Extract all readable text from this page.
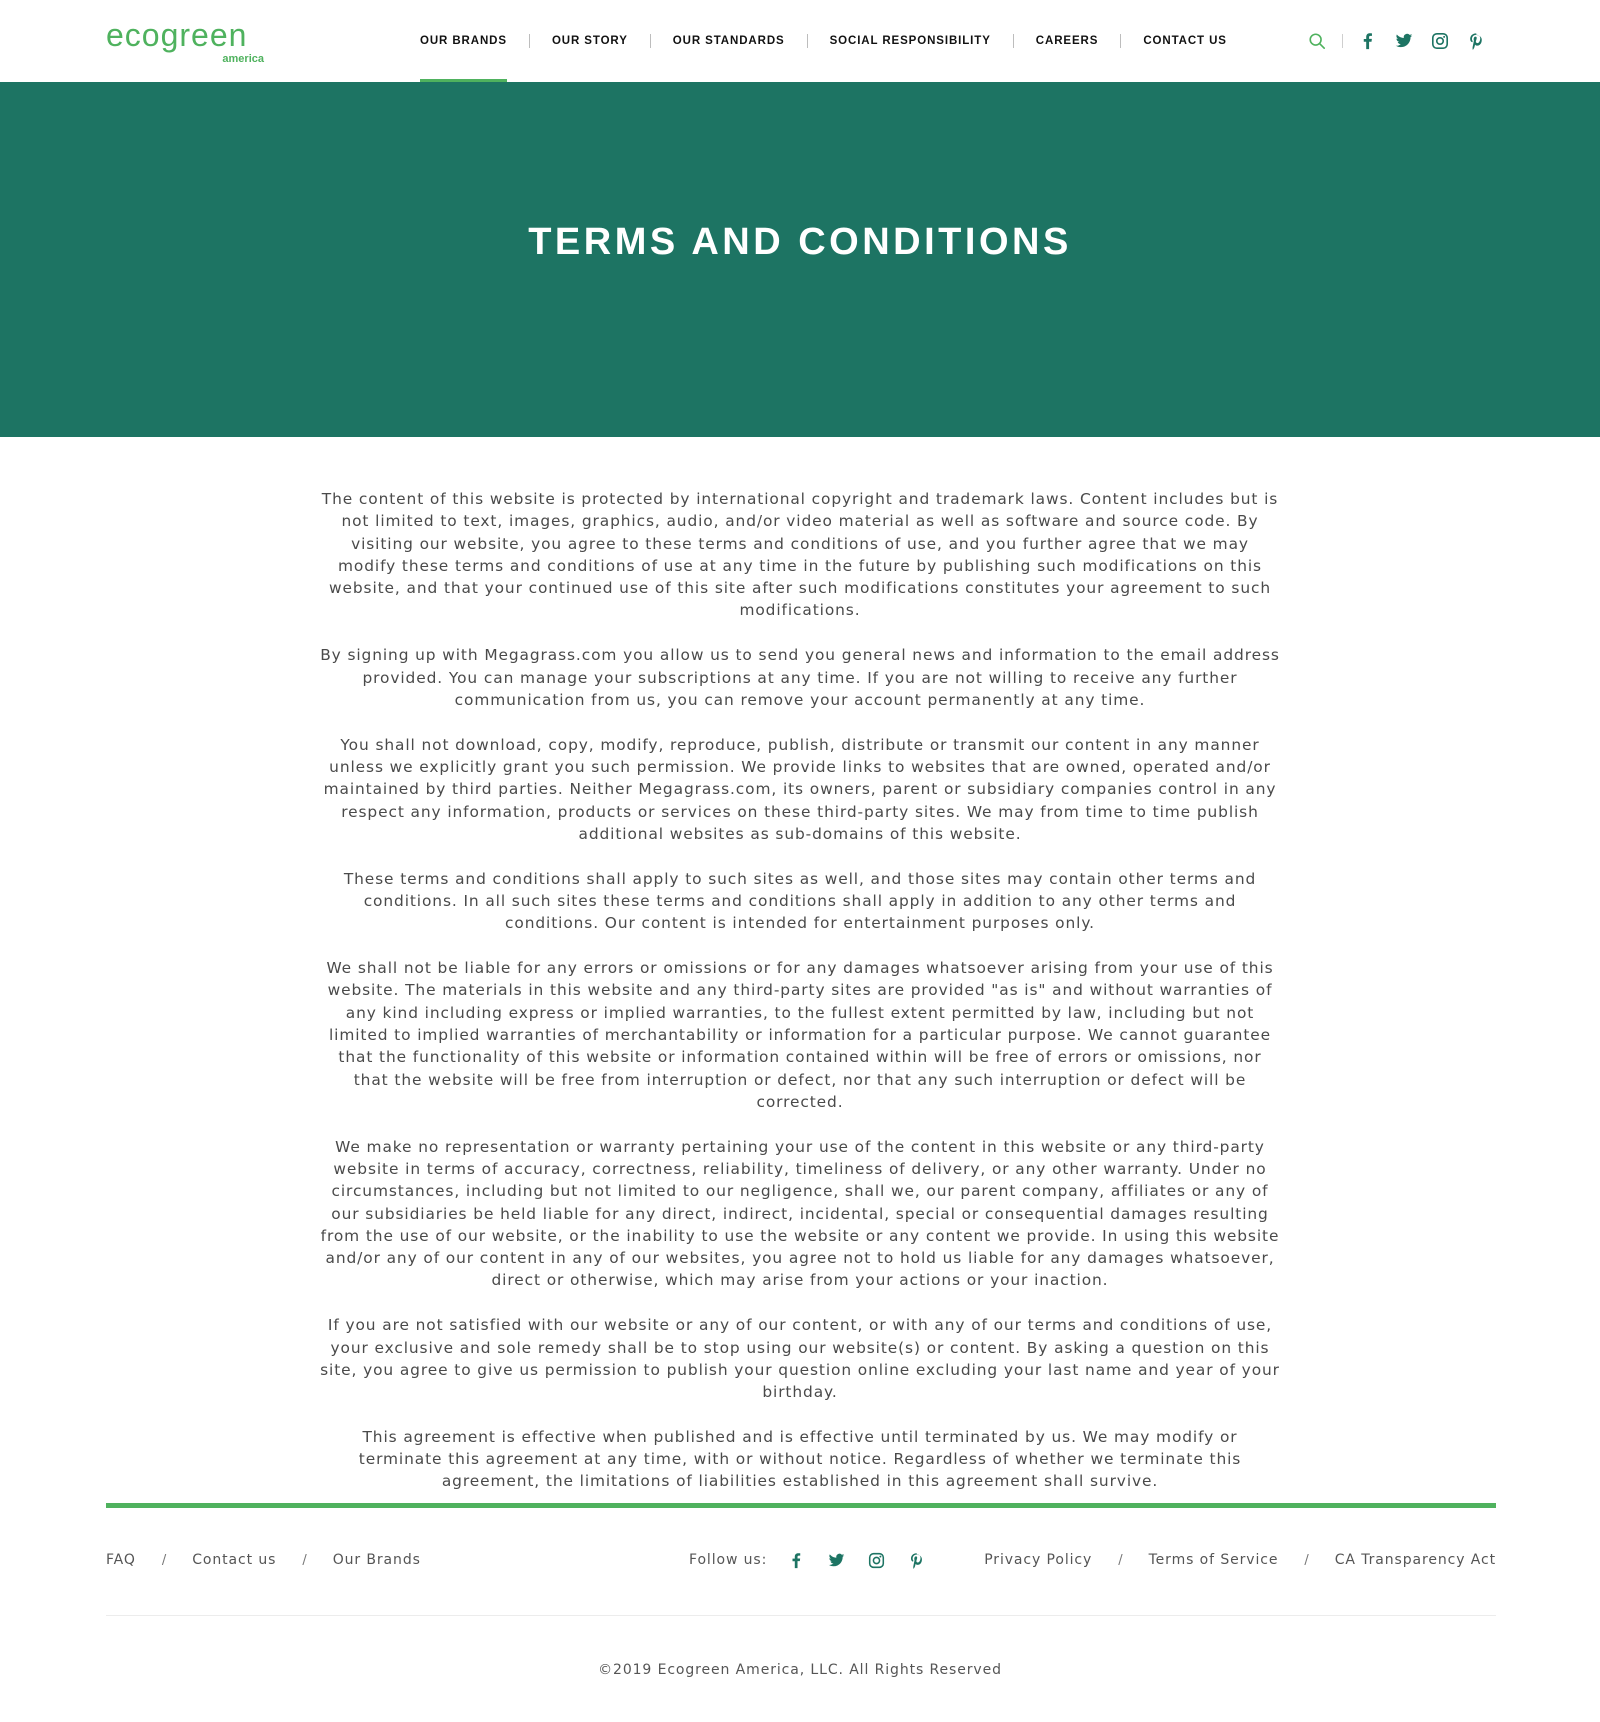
ecogreen
america
OUR BRANDS	OUR STORY	OUR STANDARDS	SOCIAL RESPONSIBILITY	CAREERS	CONTACT US
TERMS AND CONDITIONS

The content of this website is protected by international copyright and trademark laws. Content includes but is not limited to text, images, graphics, audio, and/or video material as well as software and source code. By visiting our website, you agree to these terms and conditions of use, and you further agree that we may modify these terms and conditions of use at any time in the future by publishing such modifications on this website, and that your continued use of this site after such modifications constitutes your agreement to such modifications.

By signing up with Megagrass.com you allow us to send you general news and information to the email address provided. You can manage your subscriptions at any time. If you are not willing to receive any further communication from us, you can remove your account permanently at any time.

You shall not download, copy, modify, reproduce, publish, distribute or transmit our content in any manner unless we explicitly grant you such permission. We provide links to websites that are owned, operated and/or maintained by third parties. Neither Megagrass.com, its owners, parent or subsidiary companies control in any respect any information, products or services on these third-party sites. We may from time to time publish additional websites as sub-domains of this website.

These terms and conditions shall apply to such sites as well, and those sites may contain other terms and conditions. In all such sites these terms and conditions shall apply in addition to any other terms and conditions. Our content is intended for entertainment purposes only.

We shall not be liable for any errors or omissions or for any damages whatsoever arising from your use of this website. The materials in this website and any third-party sites are provided "as is" and without warranties of any kind including express or implied warranties, to the fullest extent permitted by law, including but not limited to implied warranties of merchantability or information for a particular purpose. We cannot guarantee that the functionality of this website or information contained within will be free of errors or omissions, nor that the website will be free from interruption or defect, nor that any such interruption or defect will be corrected.

We make no representation or warranty pertaining your use of the content in this website or any third-party website in terms of accuracy, correctness, reliability, timeliness of delivery, or any other warranty. Under no circumstances, including but not limited to our negligence, shall we, our parent company, affiliates or any of our subsidiaries be held liable for any direct, indirect, incidental, special or consequential damages resulting from the use of our website, or the inability to use the website or any content we provide. In using this website and/or any of our content in any of our websites, you agree not to hold us liable for any damages whatsoever, direct or otherwise, which may arise from your actions or your inaction.

If you are not satisfied with our website or any of our content, or with any of our terms and conditions of use, your exclusive and sole remedy shall be to stop using our website(s) or content. By asking a question on this site, you agree to give us permission to publish your question online excluding your last name and year of your birthday.

This agreement is effective when published and is effective until terminated by us. We may modify or terminate this agreement at any time, with or without notice. Regardless of whether we terminate this agreement, the limitations of liabilities established in this agreement shall survive.

FAQ / Contact us / Our Brands	Follow us:	Privacy Policy / Terms of Service / CA Transparency Act
©2019 Ecogreen America, LLC. All Rights Reserved
